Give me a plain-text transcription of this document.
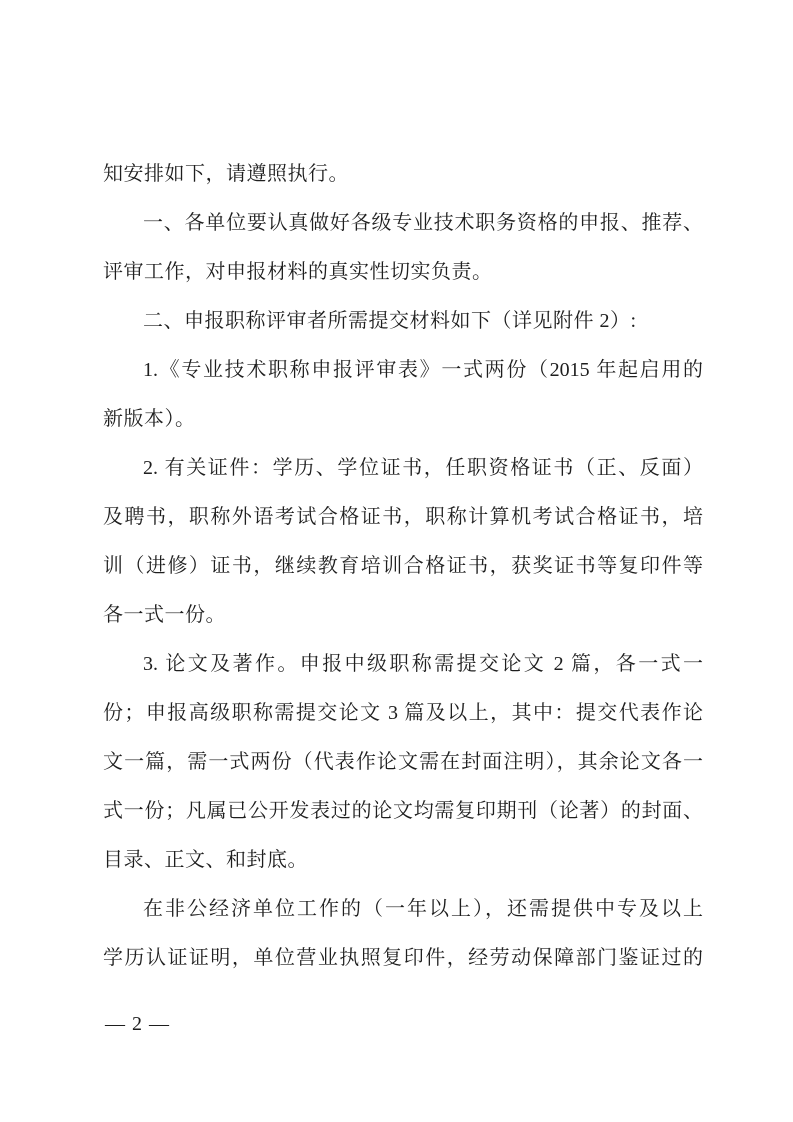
知安排如下，请遵照执行。
一、各单位要认真做好各级专业技术职务资格的申报、推荐、
评审工作，对申报材料的真实性切实负责。
二、申报职称评审者所需提交材料如下（详见附件 2）:
1.《专业技术职称申报评审表》一式两份（2015 年起启用的
新版本）。
2. 有关证件：学历、学位证书，任职资格证书（正、反面）
及聘书，职称外语考试合格证书，职称计算机考试合格证书，培
训（进修）证书，继续教育培训合格证书，获奖证书等复印件等
各一式一份。
3. 论文及著作。申报中级职称需提交论文 2 篇，各一式一
份；申报高级职称需提交论文 3 篇及以上，其中：提交代表作论
文一篇，需一式两份（代表作论文需在封面注明），其余论文各一
式一份；凡属已公开发表过的论文均需复印期刊（论著）的封面、
目录、正文、和封底。
在非公经济单位工作的（一年以上），还需提供中专及以上
学历认证证明，单位营业执照复印件，经劳动保障部门鉴证过的
— 2 —
